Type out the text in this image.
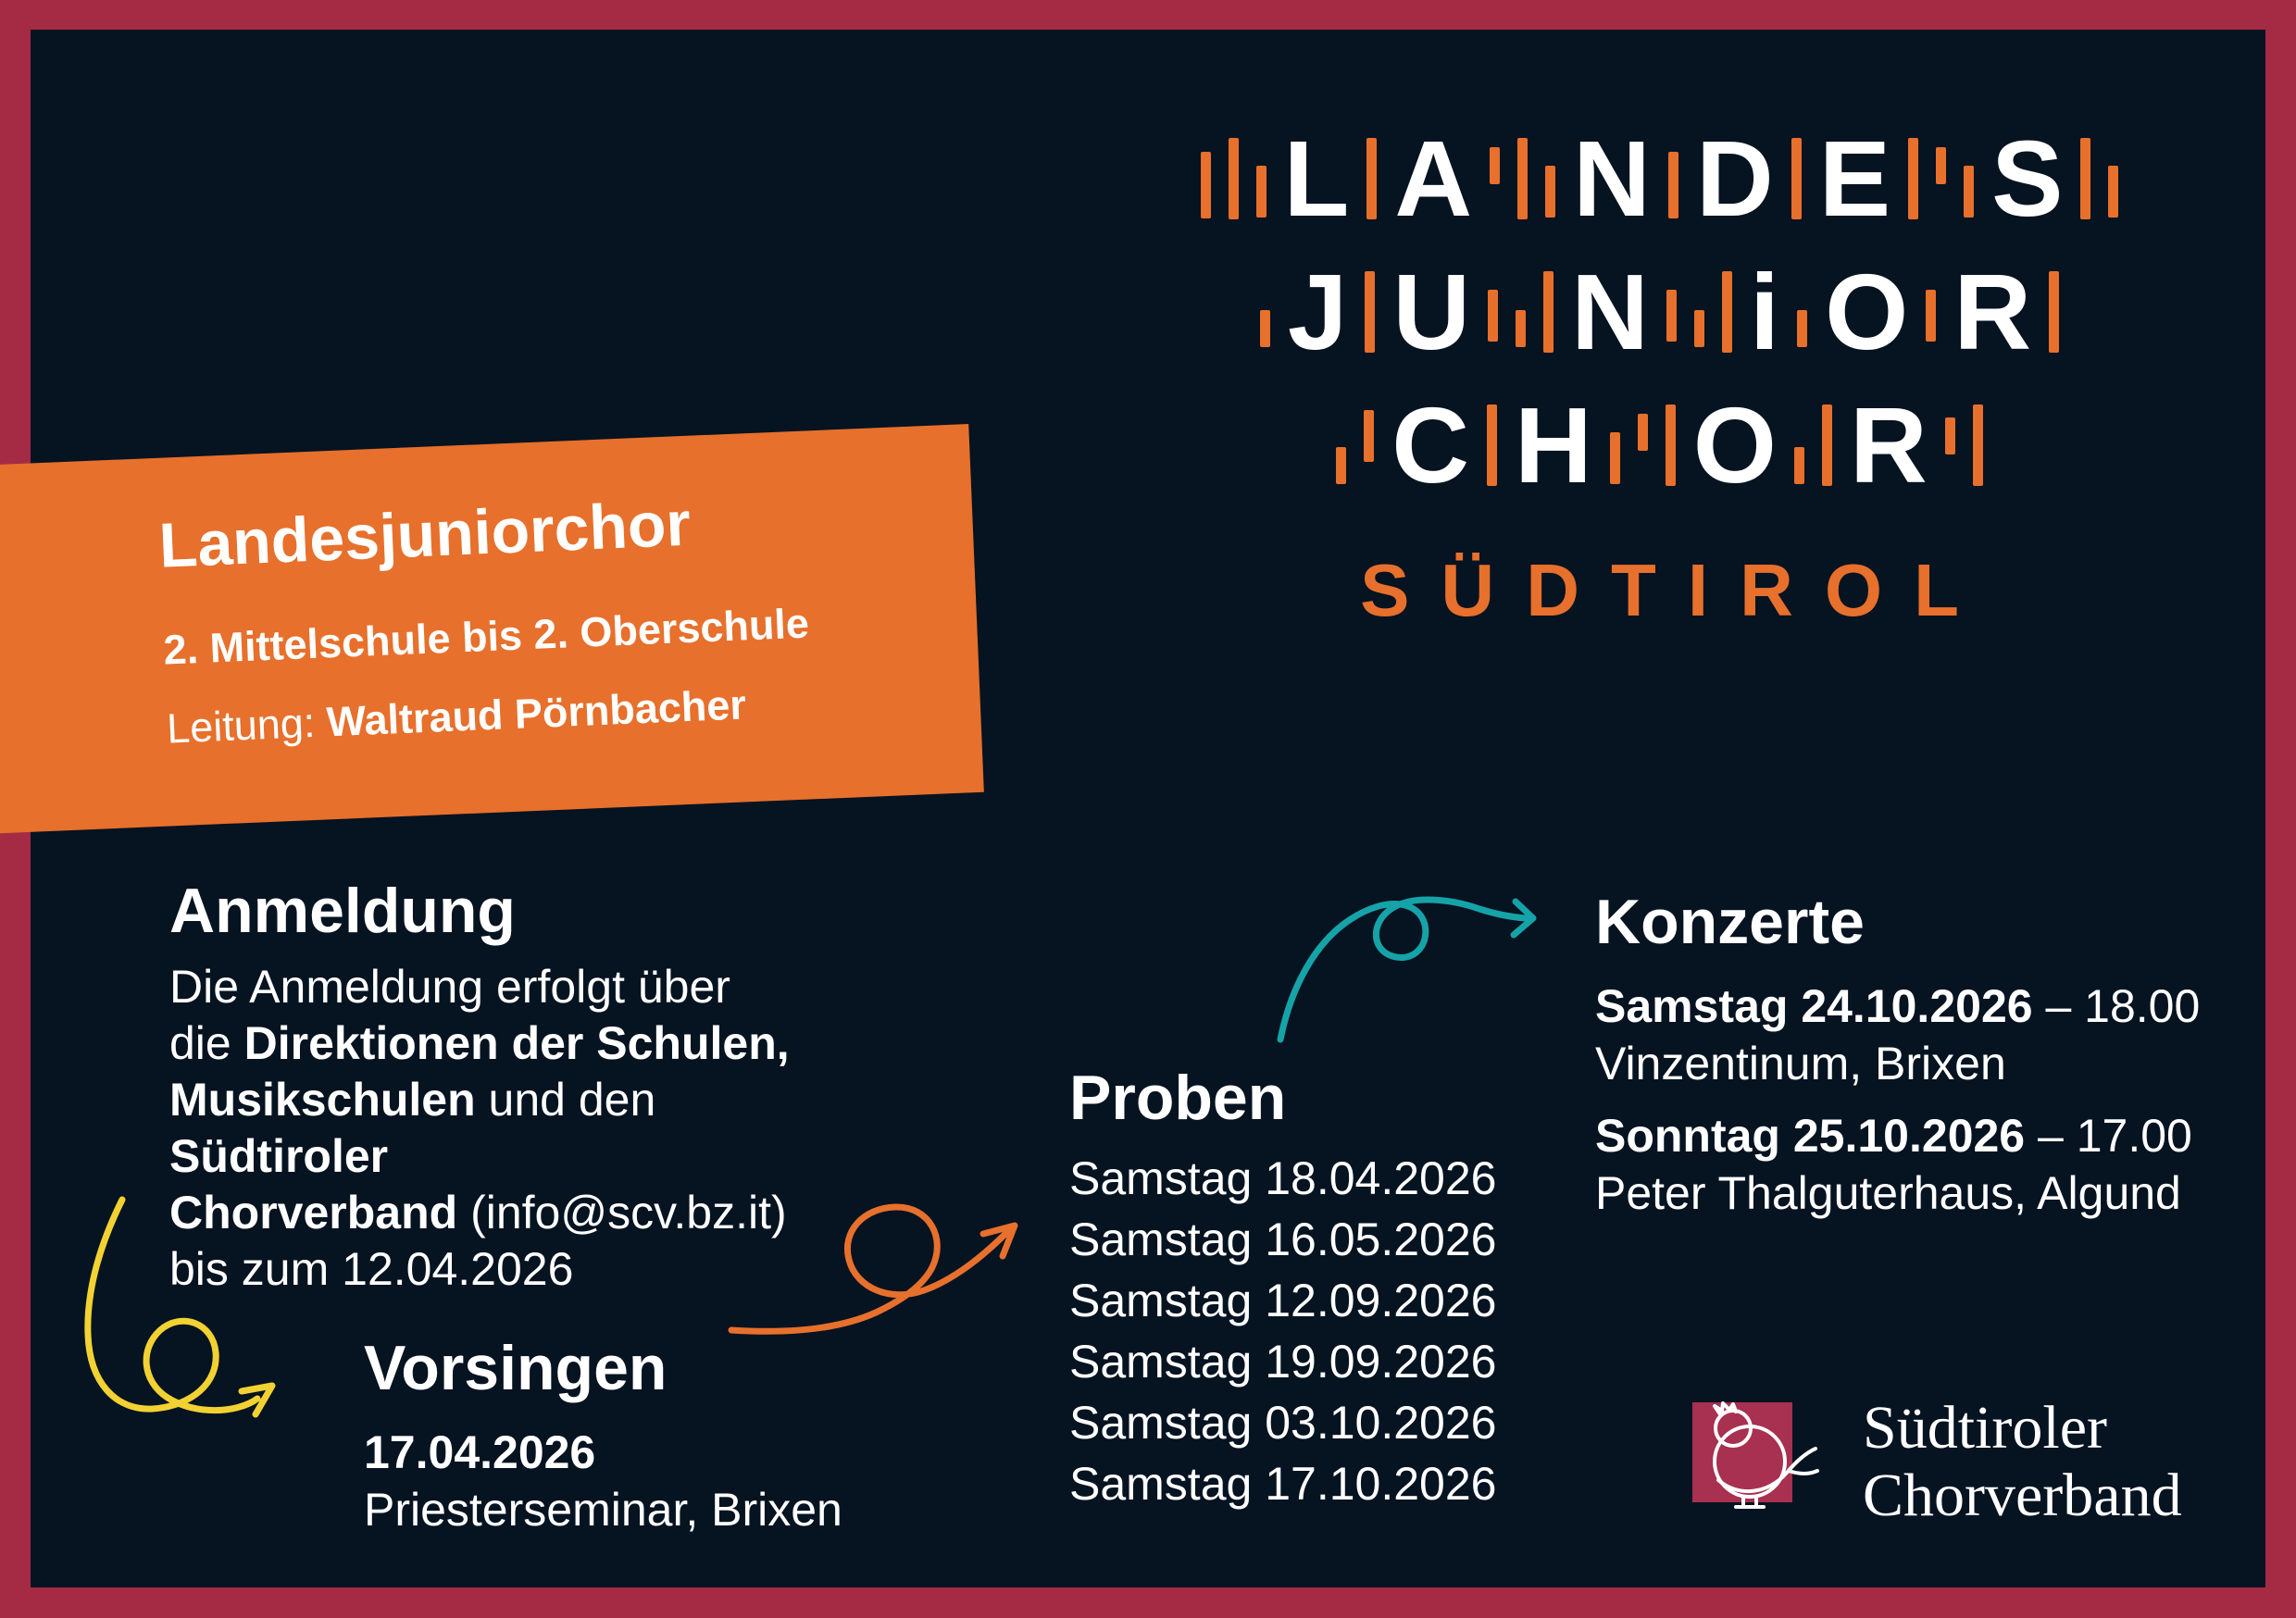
L A N D E S
J U N i O R
C H O R
SÜDTIROL
Landesjuniorchor
2. Mittelschule bis 2. Oberschule
Leitung: Waltraud Pörnbacher
Anmeldung
Die Anmeldung erfolgt über
die Direktionen der Schulen,
Musikschulen und den Südtiroler
Chorverband (info@scv.bz.it)
bis zum 12.04.2026
Vorsingen
17.04.2026
Priesterseminar, Brixen
Proben
Samstag 18.04.2026
Samstag 16.05.2026
Samstag 12.09.2026
Samstag 19.09.2026
Samstag 03.10.2026
Samstag 17.10.2026
Konzerte
Samstag 24.10.2026 – 18.00
Vinzentinum, Brixen
Sonntag 25.10.2026 – 17.00
Peter Thalguterhaus, Algund
Südtiroler
Chorverband
